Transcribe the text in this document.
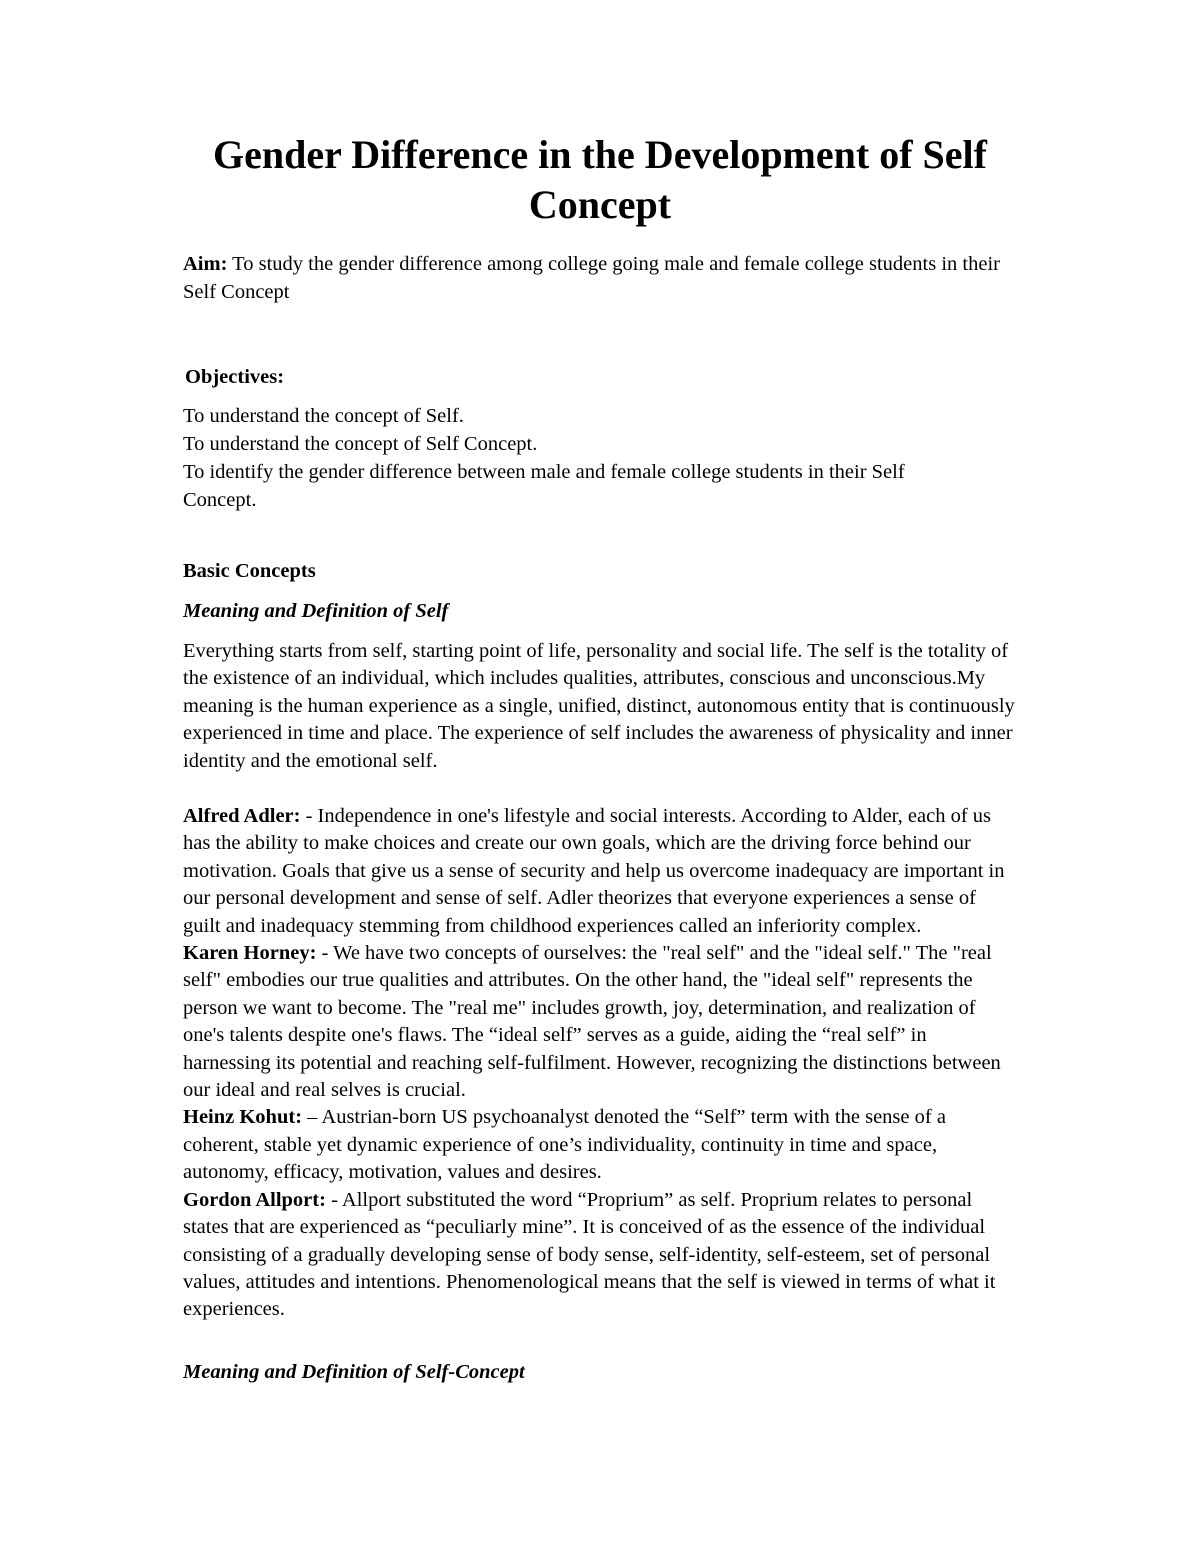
Gender Difference in the Development of Self Concept

Aim: To study the gender difference among college going male and female college students in their Self Concept

Objectives:
To understand the concept of Self.
To understand the concept of Self Concept.
To identify the gender difference between male and female college students in their Self Concept.
Basic Concepts
Meaning and Definition of Self

Everything starts from self, starting point of life, personality and social life. The self is the totality of the existence of an individual, which includes qualities, attributes, conscious and unconscious.My meaning is the human experience as a single, unified, distinct, autonomous entity that is continuously experienced in time and place. The experience of self includes the awareness of physicality and inner identity and the emotional self.

Alfred Adler: - Independence in one's lifestyle and social interests. According to Alder, each of us has the ability to make choices and create our own goals, which are the driving force behind our motivation. Goals that give us a sense of security and help us overcome inadequacy are important in our personal development and sense of self. Adler theorizes that everyone experiences a sense of guilt and inadequacy stemming from childhood experiences called an inferiority complex.
Karen Horney: - We have two concepts of ourselves: the "real self" and the "ideal self." The "real self" embodies our true qualities and attributes. On the other hand, the "ideal self" represents the person we want to become. The "real me" includes growth, joy, determination, and realization of one's talents despite one's flaws. The “ideal self” serves as a guide, aiding the “real self” in harnessing its potential and reaching self-fulfilment. However, recognizing the distinctions between our ideal and real selves is crucial.
Heinz Kohut: – Austrian-born US psychoanalyst denoted the “Self” term with the sense of a coherent, stable yet dynamic experience of one’s individuality, continuity in time and space, autonomy, efficacy, motivation, values and desires.
Gordon Allport: - Allport substituted the word “Proprium” as self. Proprium relates to personal states that are experienced as “peculiarly mine”. It is conceived of as the essence of the individual consisting of a gradually developing sense of body sense, self-identity, self-esteem, set of personal values, attitudes and intentions. Phenomenological means that the self is viewed in terms of what it experiences.
Meaning and Definition of Self-Concept
